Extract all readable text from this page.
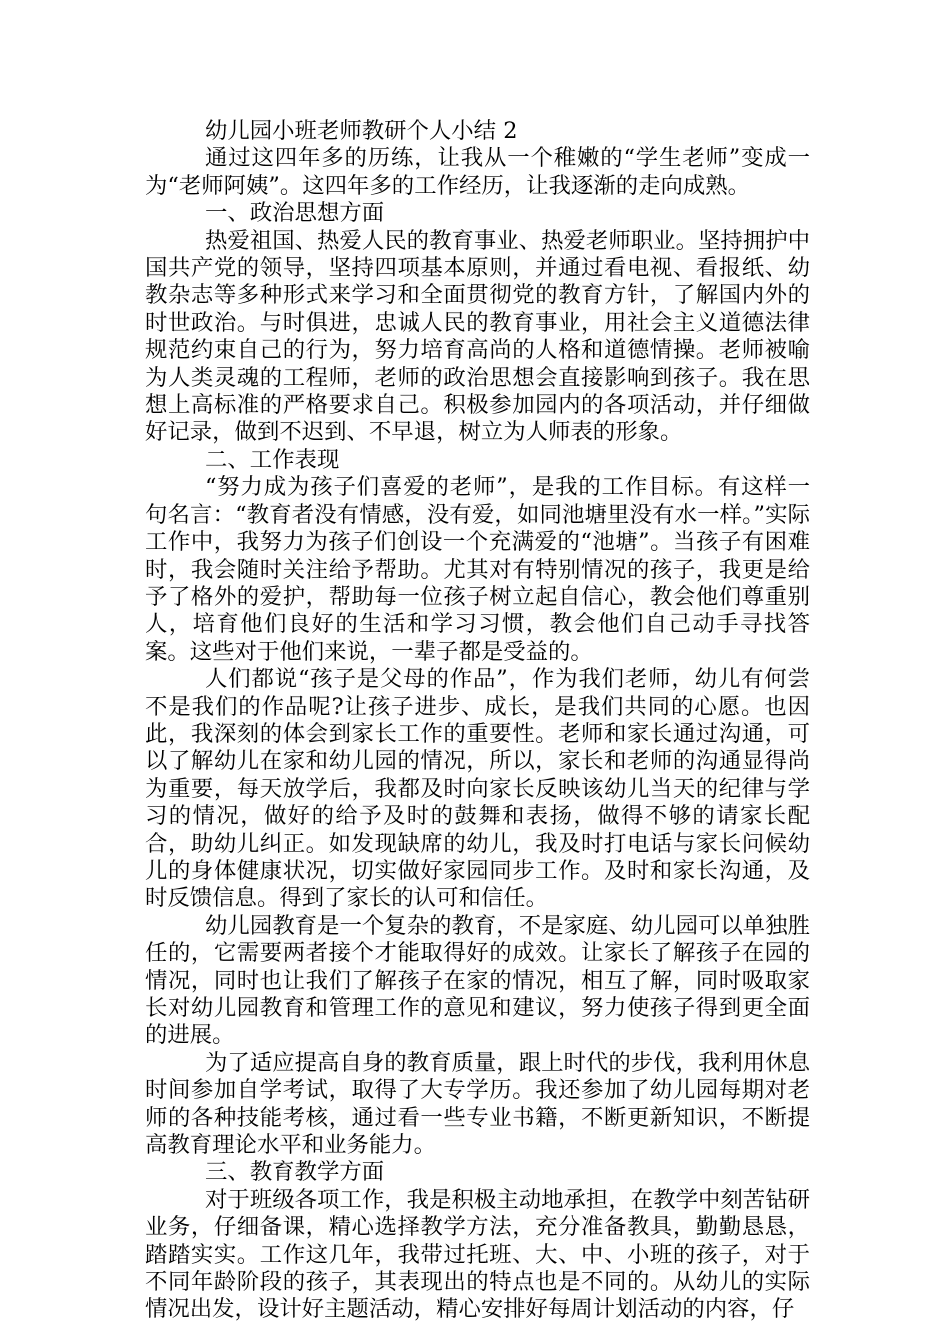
幼儿园小班老师教研个人小结 2

通过这四年多的历练，让我从一个稚嫩的“学生老师”变成一为“老师阿姨”。这四年多的工作经历，让我逐渐的走向成熟。

一、政治思想方面

热爱祖国、热爱人民的教育事业、热爱老师职业。坚持拥护中国共产党的领导，坚持四项基本原则，并通过看电视、看报纸、幼教杂志等多种形式来学习和全面贯彻党的教育方针，了解国内外的时世政治。与时俱进，忠诚人民的教育事业，用社会主义道德法律规范约束自己的行为，努力培育高尚的人格和道德情操。老师被喻为人类灵魂的工程师，老师的政治思想会直接影响到孩子。我在思想上高标准的严格要求自己。积极参加园内的各项活动，并仔细做好记录，做到不迟到、不早退，树立为人师表的形象。

二、工作表现

“努力成为孩子们喜爱的老师”，是我的工作目标。有这样一句名言：“教育者没有情感，没有爱，如同池塘里没有水一样。”实际工作中，我努力为孩子们创设一个充满爱的“池塘”。当孩子有困难时，我会随时关注给予帮助。尤其对有特别情况的孩子，我更是给予了格外的爱护，帮助每一位孩子树立起自信心，教会他们尊重别人，培育他们良好的生活和学习习惯，教会他们自己动手寻找答案。这些对于他们来说，一辈子都是受益的。

人们都说“孩子是父母的作品”，作为我们老师，幼儿有何尝不是我们的作品呢?让孩子进步、成长，是我们共同的心愿。也因此，我深刻的体会到家长工作的重要性。老师和家长通过沟通，可以了解幼儿在家和幼儿园的情况，所以，家长和老师的沟通显得尚为重要，每天放学后，我都及时向家长反映该幼儿当天的纪律与学习的情况，做好的给予及时的鼓舞和表扬，做得不够的请家长配合，助幼儿纠正。如发现缺席的幼儿，我及时打电话与家长问候幼儿的身体健康状况，切实做好家园同步工作。及时和家长沟通，及时反馈信息。得到了家长的认可和信任。

幼儿园教育是一个复杂的教育，不是家庭、幼儿园可以单独胜任的，它需要两者接个才能取得好的成效。让家长了解孩子在园的情况，同时也让我们了解孩子在家的情况，相互了解，同时吸取家长对幼儿园教育和管理工作的意见和建议，努力使孩子得到更全面的进展。

为了适应提高自身的教育质量，跟上时代的步伐，我利用休息时间参加自学考试，取得了大专学历。我还参加了幼儿园每期对老师的各种技能考核，通过看一些专业书籍，不断更新知识，不断提高教育理论水平和业务能力。

三、教育教学方面

对于班级各项工作，我是积极主动地承担，在教学中刻苦钻研业务，仔细备课，精心选择教学方法，充分准备教具，勤勤恳恳，踏踏实实。工作这几年，我带过托班、大、中、小班的孩子，对于不同年龄阶段的孩子，其表现出的特点也是不同的。从幼儿的实际情况出发，设计好主题活动，精心安排好每周计划活动的内容，仔
